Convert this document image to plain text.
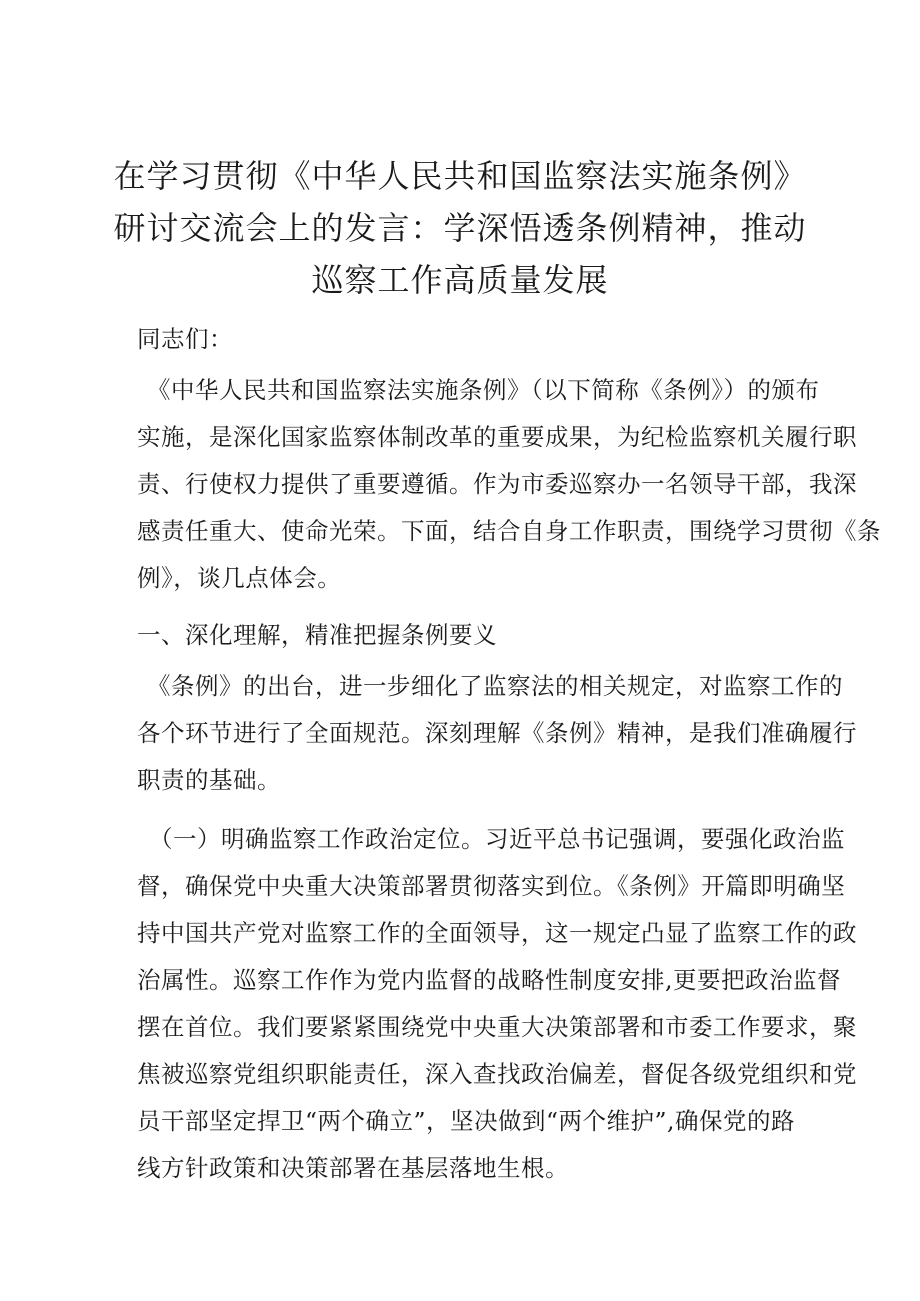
在学习贯彻《中华人民共和国监察法实施条例》
研讨交流会上的发言：学深悟透条例精神，推动
巡察工作高质量发展
同志们：
《中华人民共和国监察法实施条例》（以下简称《条例》）的颁布
实施，是深化国家监察体制改革的重要成果，为纪检监察机关履行职
责、行使权力提供了重要遵循。作为市委巡察办一名领导干部，我深
感责任重大、使命光荣。下面，结合自身工作职责，围绕学习贯彻《条
例》，谈几点体会。
一、深化理解，精准把握条例要义
《条例》的出台，进一步细化了监察法的相关规定，对监察工作的
各个环节进行了全面规范。深刻理解《条例》精神，是我们准确履行
职责的基础。
（一）明确监察工作政治定位。习近平总书记强调，要强化政治监
督，确保党中央重大决策部署贯彻落实到位。《条例》开篇即明确坚
持中国共产党对监察工作的全面领导，这一规定凸显了监察工作的政
治属性。巡察工作作为党内监督的战略性制度安排,更要把政治监督
摆在首位。我们要紧紧围绕党中央重大决策部署和市委工作要求，聚
焦被巡察党组织职能责任，深入查找政治偏差，督促各级党组织和党
员干部坚定捍卫“两个确立”，坚决做到“两个维护”,确保党的路
线方针政策和决策部署在基层落地生根。
